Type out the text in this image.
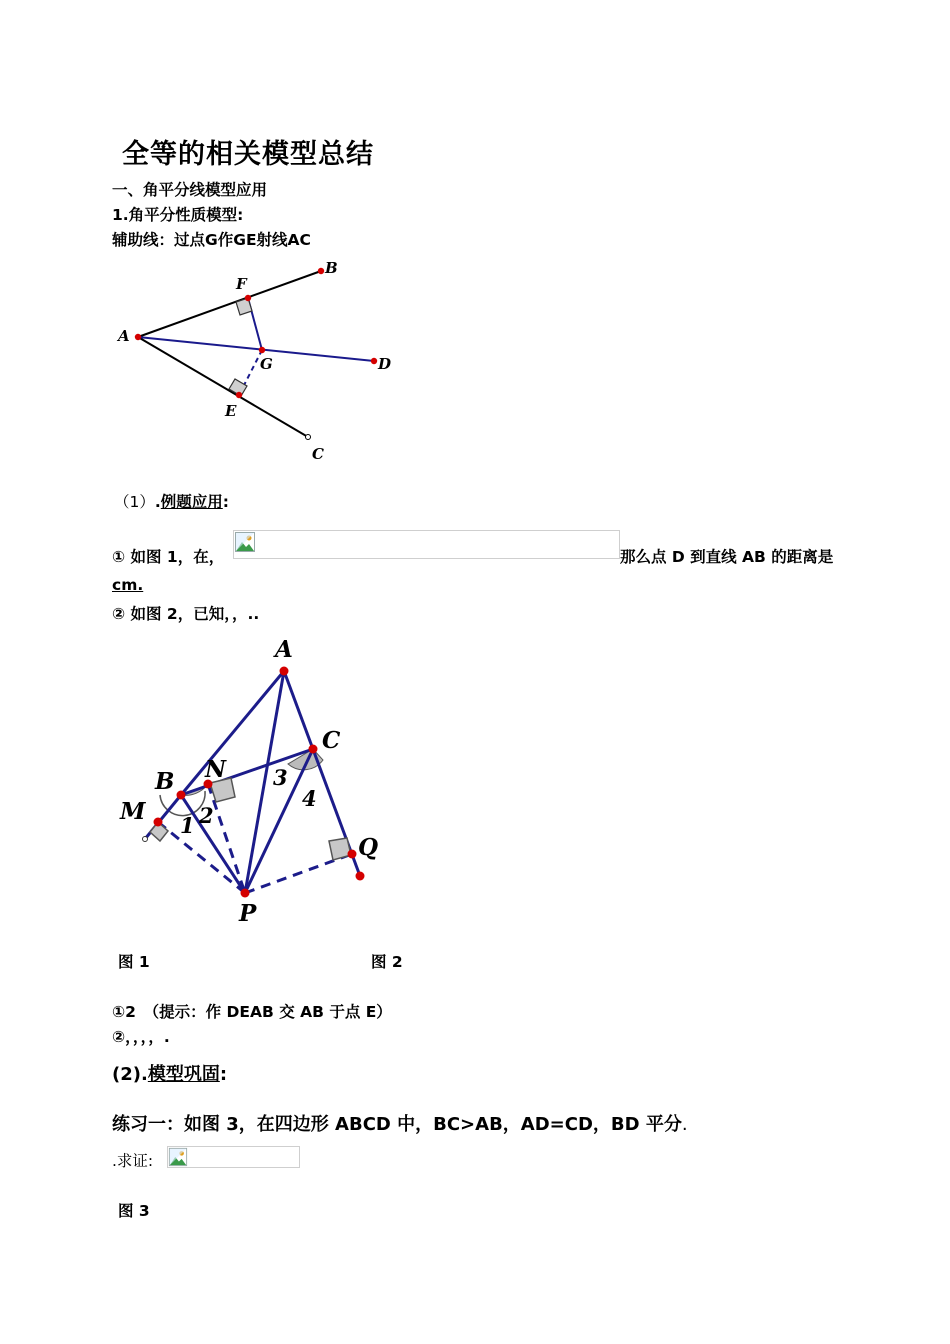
全等的相关模型总结
一、角平分线模型应用
1.角平分性质模型:
辅助线：过点G作GE射线AC
A
B
C
D
F
G
E
（1）.例题应用:
① 如图 1，在，	那么点 D 到直线 AB 的距离是
cm.
② 如图 2，已知，，..
A
C
B N
M
Q
P
1 2
3
4
图 1	图 2
①2　（提示：作 DEAB 交 AB 于点 E）
②，，，，.
(2).模型巩固:
练习一：如图 3，在四边形 ABCD 中，BC>AB，AD=CD，BD 平分.
.求证:
图 3
